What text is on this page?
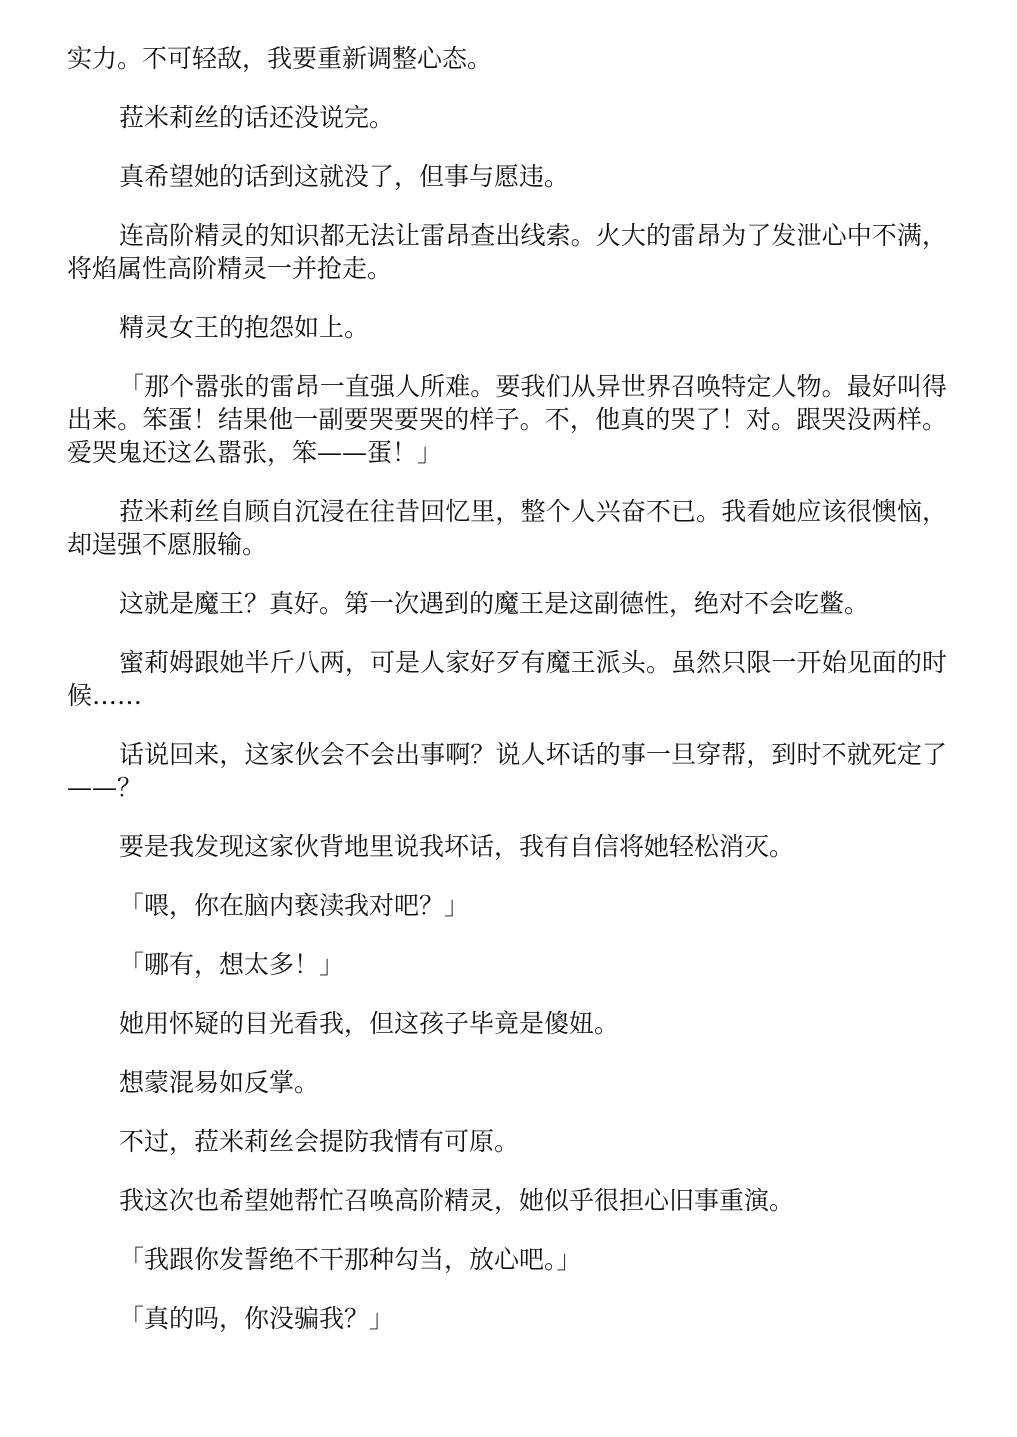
实力。不可轻敌，我要重新调整心态。

菈米莉丝的话还没说完。

真希望她的话到这就没了，但事与愿违。

连高阶精灵的知识都无法让雷昂查出线索。火大的雷昂为了发泄心中不满，将焰属性高阶精灵一并抢走。

精灵女王的抱怨如上。

「那个嚣张的雷昂一直强人所难。要我们从异世界召唤特定人物。最好叫得出来。笨蛋！结果他一副要哭要哭的样子。不，他真的哭了！对。跟哭没两样。爱哭鬼还这么嚣张，笨——蛋！」

菈米莉丝自顾自沉浸在往昔回忆里，整个人兴奋不已。我看她应该很懊恼，却逞强不愿服输。

这就是魔王？真好。第一次遇到的魔王是这副德性，绝对不会吃鳖。

蜜莉姆跟她半斤八两，可是人家好歹有魔王派头。虽然只限一开始见面的时候……

话说回来，这家伙会不会出事啊？说人坏话的事一旦穿帮，到时不就死定了——？

要是我发现这家伙背地里说我坏话，我有自信将她轻松消灭。

「喂，你在脑内亵渎我对吧？」

「哪有，想太多！」

她用怀疑的目光看我，但这孩子毕竟是傻妞。

想蒙混易如反掌。

不过，菈米莉丝会提防我情有可原。

我这次也希望她帮忙召唤高阶精灵，她似乎很担心旧事重演。

「我跟你发誓绝不干那种勾当，放心吧。」

「真的吗，你没骗我？」
